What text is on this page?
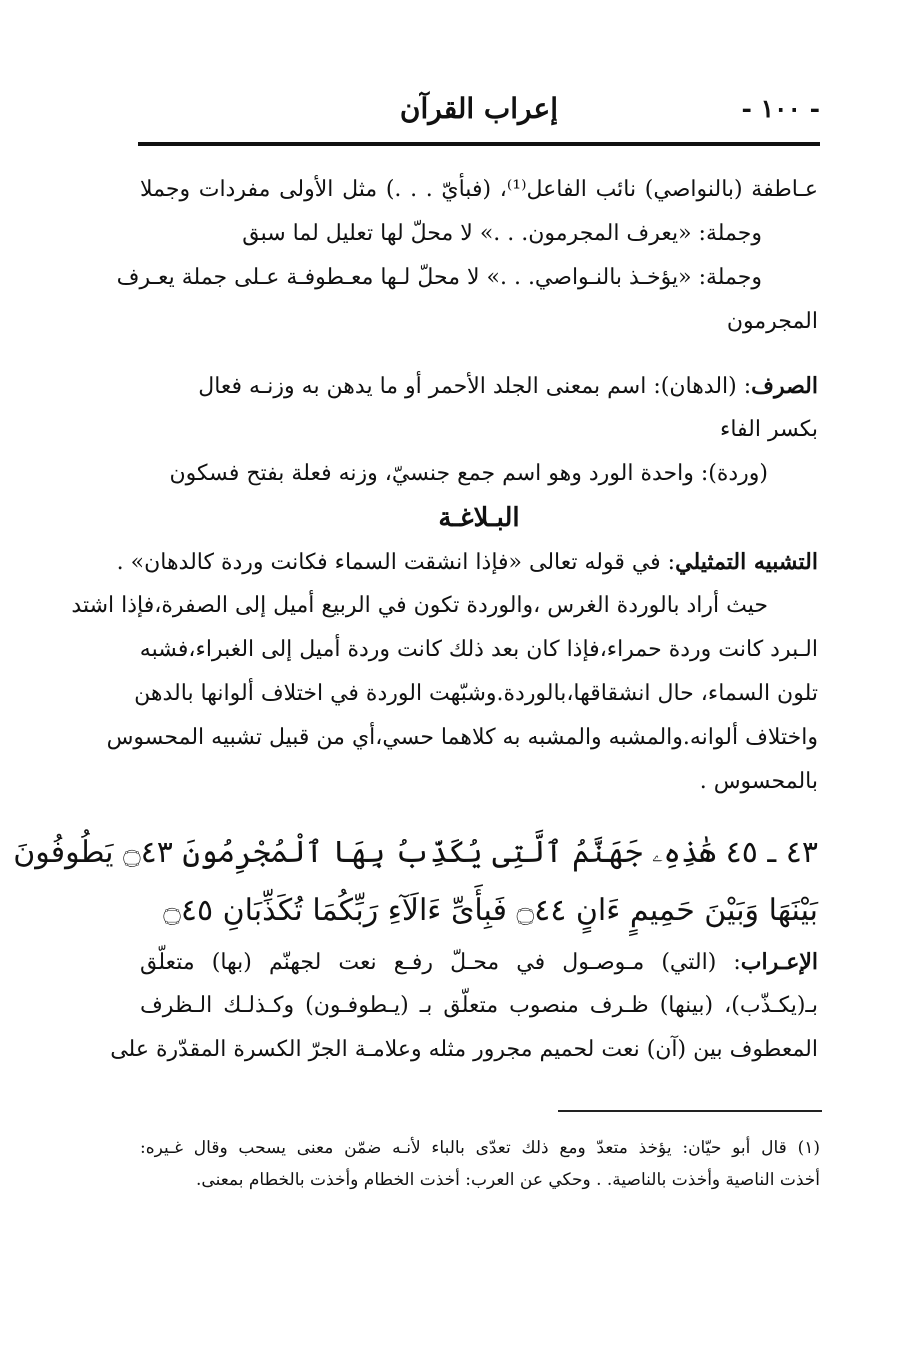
- ١٠٠ -
إعراب القرآن
عـاطفة (بالنواصي) نائب الفاعل⁽¹⁾، (فبأيّ . . .) مثل الأولى مفردات وجملا
وجملة: «يعرف المجرمون. . .» لا محلّ لها تعليل لما سبق
وجملة: «يؤخـذ بالنـواصي. . .» لا محلّ لـها معـطوفـة عـلى جملة يعـرف
المجرمون
الصرف: (الدهان): اسم بمعنى الجلد الأحمر أو ما يدهن به وزنـه فعال
بكسر الفاء
(وردة): واحدة الورد وهو اسم جمع جنسيّ، وزنه فعلة بفتح فسكون
البـلاغـة
التشبيه التمثيلي: في قوله تعالى «فإذا انشقت السماء فكانت وردة كالدهان» .
حيث أراد بالوردة الغرس ،والوردة تكون في الربيع أميل إلى الصفرة،فإذا اشتد
الـبرد كانت وردة حمراء،فإذا كان بعد ذلك كانت وردة أميل إلى الغبراء،فشبه
تلون السماء، حال انشقاقها،بالوردة.وشبّهت الوردة في اختلاف ألوانها بالدهن
واختلاف ألوانه.والمشبه والمشبه به كلاهما حسي،أي من قبيل تشبيه المحسوس
بالمحسوس .
٤٣ ـ ٤٥ هَٰذِهِۦ جَهَنَّمُ ٱلَّتِى يُكَذِّبُ بِهَا ٱلْمُجْرِمُونَ ۝٤٣ يَطُوفُونَ
بَيْنَهَا وَبَيْنَ حَمِيمٍ ءَانٍ ۝٤٤ فَبِأَىِّ ءَالَآءِ رَبِّكُمَا تُكَذِّبَانِ ۝٤٥
الإعـراب: (التي) مـوصـول في محـلّ رفـع نعت لجهنّم (بها) متعلّق
بـ(يكـذّب)، (بينها) ظـرف منصوب متعلّق بـ (يـطوفـون) وكـذلـك الـظرف
المعطوف بين (آن) نعت لحميم مجرور مثله وعلامـة الجرّ الكسرة المقدّرة على
(١) قال أبو حيّان: يؤخذ متعدّ ومع ذلك تعدّى بالباء لأنـه ضمّن معنى يسحب وقال غـيره:
أخذت الناصية وأخذت بالناصية. . وحكي عن العرب: أخذت الخطام وأخذت بالخطام بمعنى.
